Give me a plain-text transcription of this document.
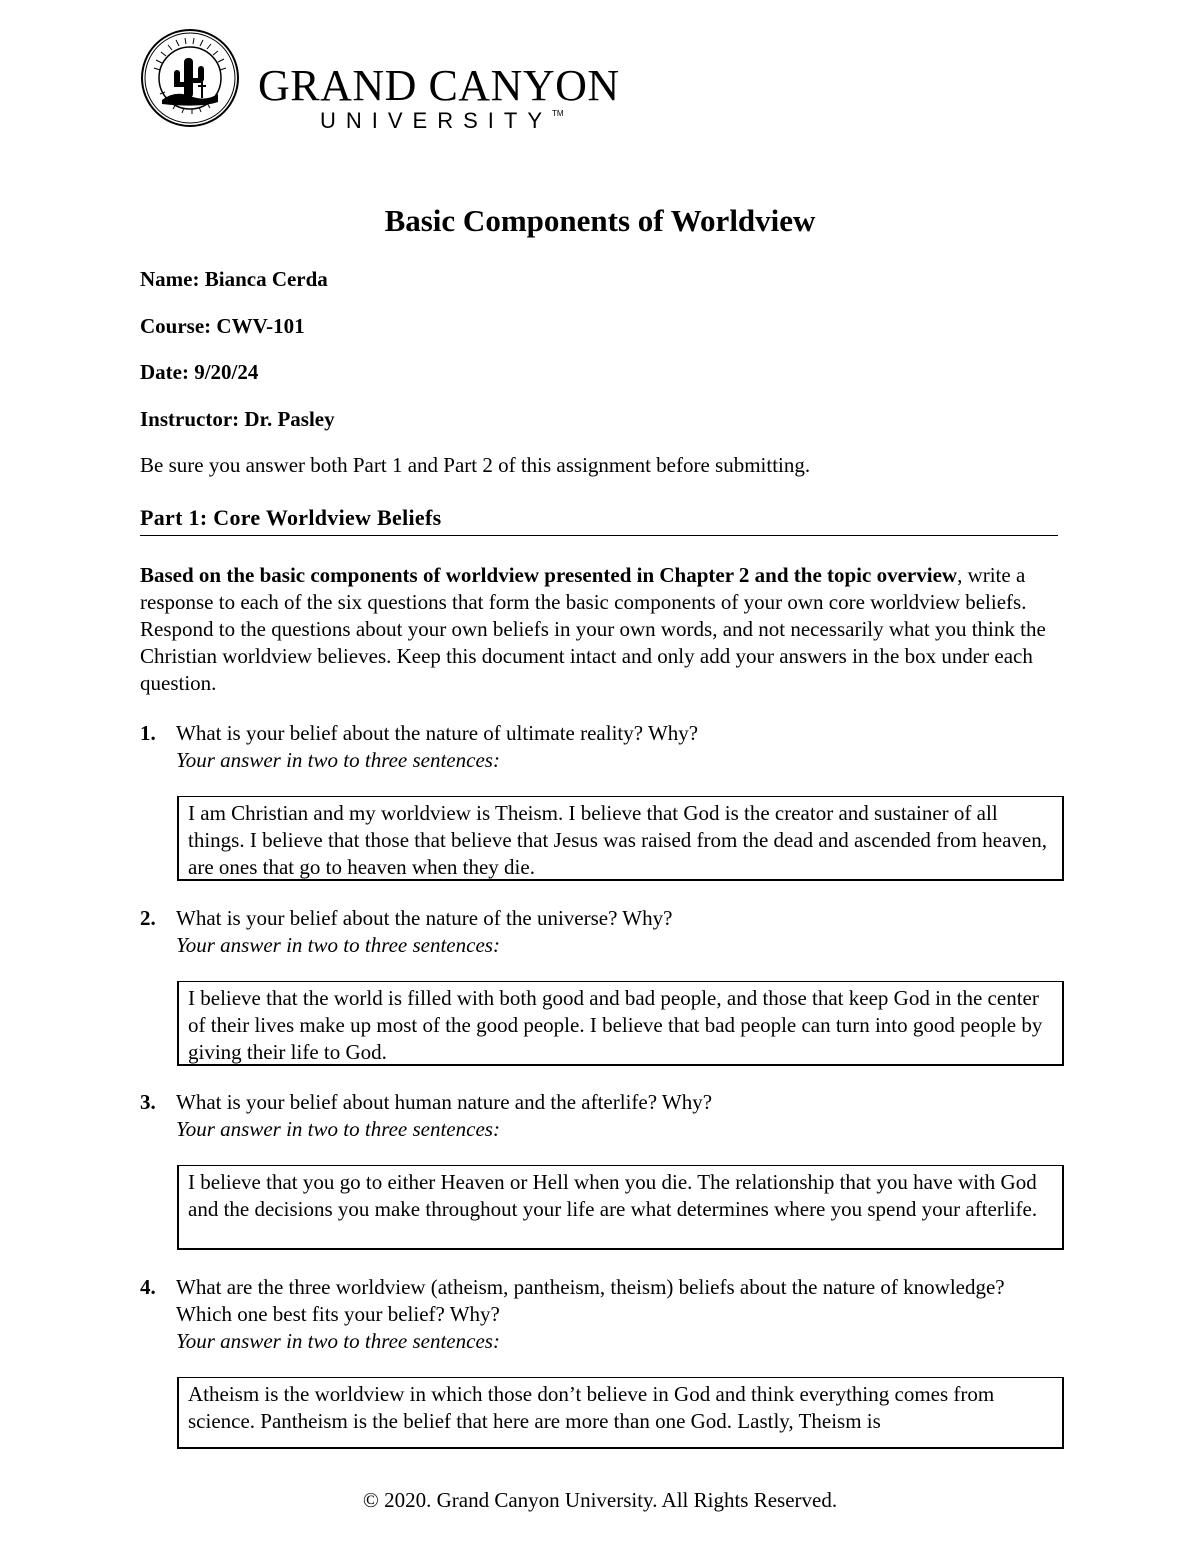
GRAND CANYON
UNIVERSITY™
Basic Components of Worldview
Name: Bianca Cerda
Course: CWV-101
Date: 9/20/24
Instructor: Dr. Pasley
Be sure you answer both Part 1 and Part 2 of this assignment before submitting.
Part 1: Core Worldview Beliefs
Based on the basic components of worldview presented in Chapter 2 and the topic overview, write a response to each of the six questions that form the basic components of your own core worldview beliefs. Respond to the questions about your own beliefs in your own words, and not necessarily what you think the Christian worldview believes. Keep this document intact and only add your answers in the box under each question.
1. What is your belief about the nature of ultimate reality? Why?
Your answer in two to three sentences:
I am Christian and my worldview is Theism. I believe that God is the creator and sustainer of all things. I believe that those that believe that Jesus was raised from the dead and ascended from heaven, are ones that go to heaven when they die.
2. What is your belief about the nature of the universe? Why?
Your answer in two to three sentences:
I believe that the world is filled with both good and bad people, and those that keep God in the center of their lives make up most of the good people. I believe that bad people can turn into good people by giving their life to God.
3. What is your belief about human nature and the afterlife? Why?
Your answer in two to three sentences:
I believe that you go to either Heaven or Hell when you die. The relationship that you have with God and the decisions you make throughout your life are what determines where you spend your afterlife.
4. What are the three worldview (atheism, pantheism, theism) beliefs about the nature of knowledge? Which one best fits your belief? Why?
Your answer in two to three sentences:
Atheism is the worldview in which those don’t believe in God and think everything comes from science. Pantheism is the belief that here are more than one God. Lastly, Theism is
© 2020. Grand Canyon University. All Rights Reserved.
